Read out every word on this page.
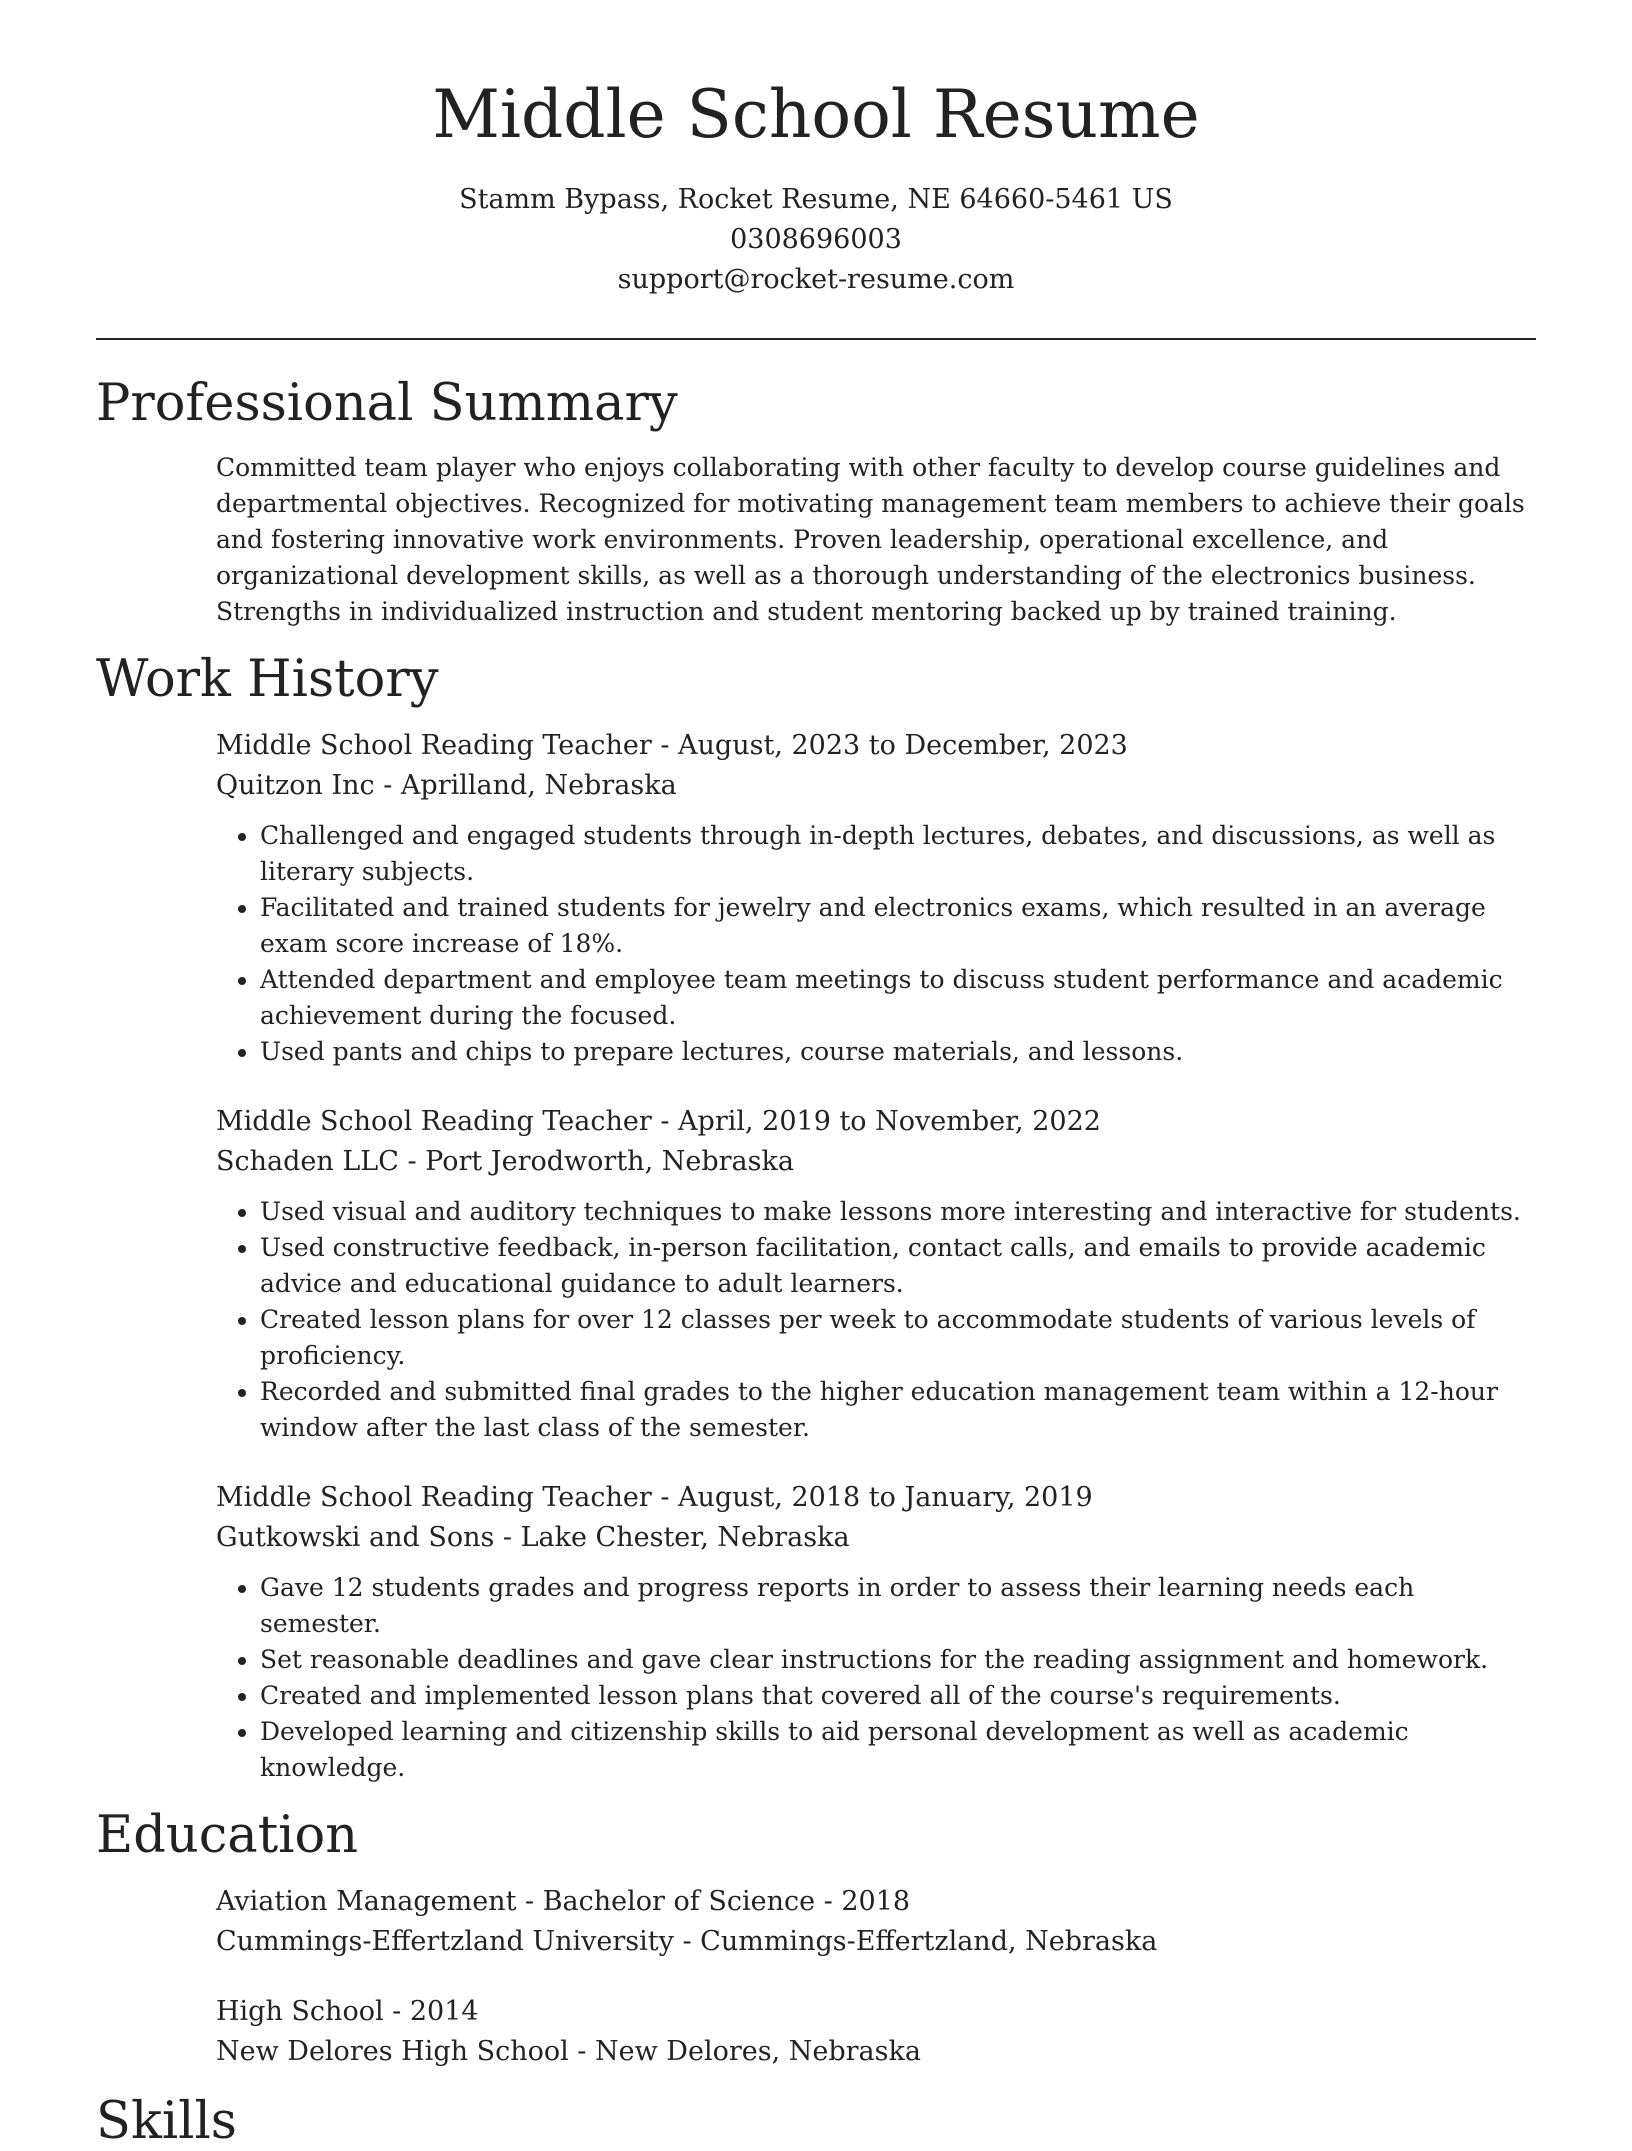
Middle School Resume
Stamm Bypass, Rocket Resume, NE 64660-5461 US
0308696003
support@rocket-resume.com
Professional Summary

Committed team player who enjoys collaborating with other faculty to develop course guidelines and departmental objectives. Recognized for motivating management team members to achieve their goals and fostering innovative work environments. Proven leadership, operational excellence, and organizational development skills, as well as a thorough understanding of the electronics business. Strengths in individualized instruction and student mentoring backed up by trained training.

Work History
Middle School Reading Teacher - August, 2023 to December, 2023
Quitzon Inc - Aprilland, Nebraska
• Challenged and engaged students through in-depth lectures, debates, and discussions, as well as literary subjects.
• Facilitated and trained students for jewelry and electronics exams, which resulted in an average exam score increase of 18%.
• Attended department and employee team meetings to discuss student performance and academic achievement during the focused.
• Used pants and chips to prepare lectures, course materials, and lessons.
Middle School Reading Teacher - April, 2019 to November, 2022
Schaden LLC - Port Jerodworth, Nebraska
• Used visual and auditory techniques to make lessons more interesting and interactive for students.
• Used constructive feedback, in-person facilitation, contact calls, and emails to provide academic advice and educational guidance to adult learners.
• Created lesson plans for over 12 classes per week to accommodate students of various levels of proficiency.
• Recorded and submitted final grades to the higher education management team within a 12-hour window after the last class of the semester.
Middle School Reading Teacher - August, 2018 to January, 2019
Gutkowski and Sons - Lake Chester, Nebraska
• Gave 12 students grades and progress reports in order to assess their learning needs each semester.
• Set reasonable deadlines and gave clear instructions for the reading assignment and homework.
• Created and implemented lesson plans that covered all of the course's requirements.
• Developed learning and citizenship skills to aid personal development as well as academic knowledge.
Education
Aviation Management - Bachelor of Science - 2018
Cummings-Effertzland University - Cummings-Effertzland, Nebraska
High School - 2014
New Delores High School - New Delores, Nebraska
Skills
